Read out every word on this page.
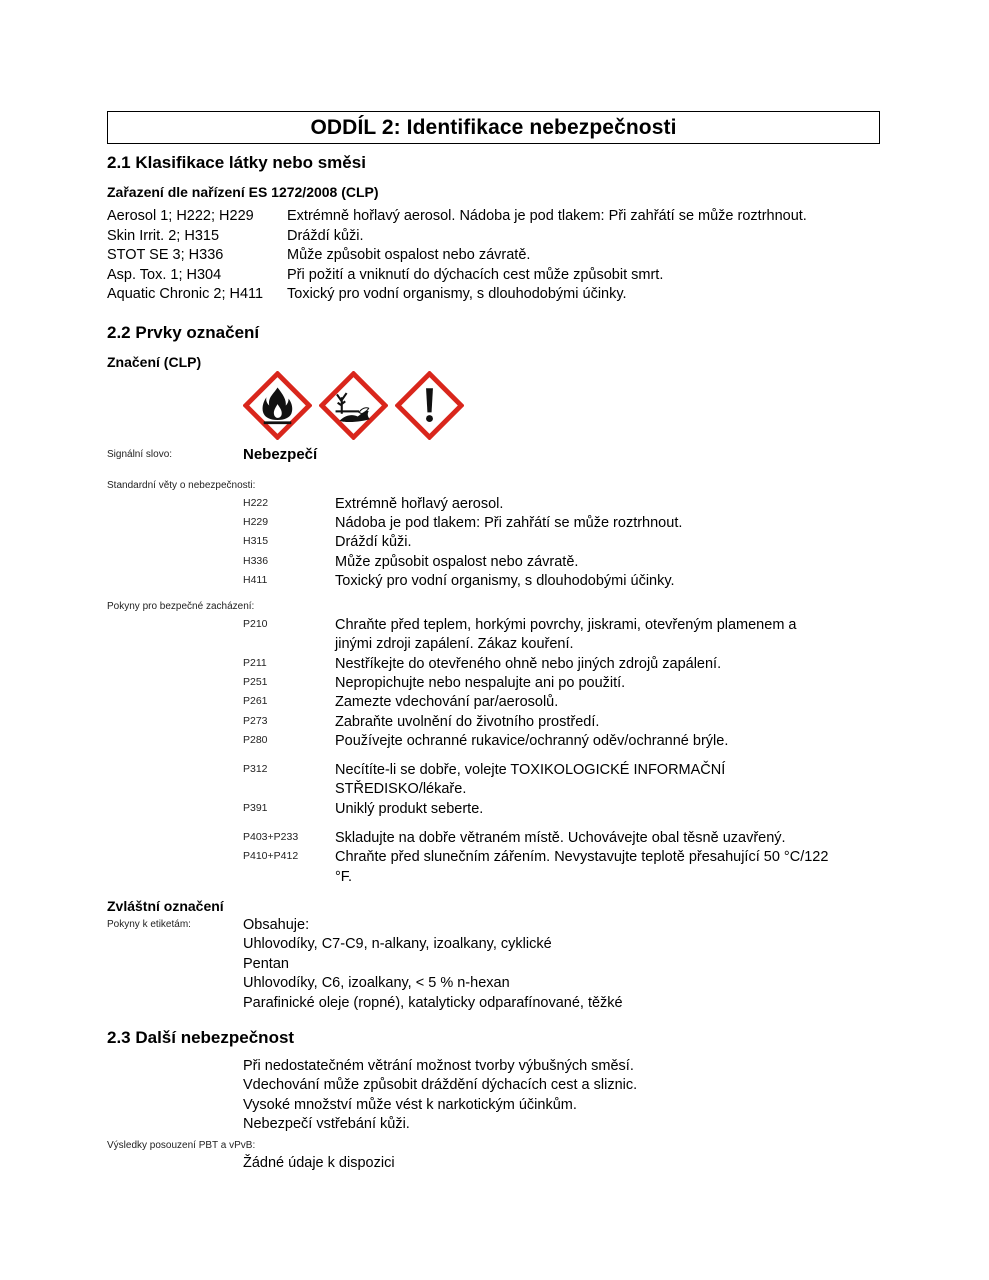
ODDÍL 2: Identifikace nebezpečnosti
2.1 Klasifikace látky nebo směsi
Zařazení dle nařízení ES 1272/2008 (CLP)
Aerosol 1; H222; H229 Extrémně hořlavý aerosol. Nádoba je pod tlakem: Při zahřátí se může roztrhnout.
Skin Irrit. 2; H315	Dráždí kůži.
STOT SE 3; H336	Může způsobit ospalost nebo závratě.
Asp. Tox. 1; H304	Při požití a vniknutí do dýchacích cest může způsobit smrt.
Aquatic Chronic 2; H411 Toxický pro vodní organismy, s dlouhodobými účinky.
2.2 Prvky označení
Značení (CLP)
Signální slovo:	Nebezpečí
Standardní věty o nebezpečnosti:
H222	Extrémně hořlavý aerosol.
H229	Nádoba je pod tlakem: Při zahřátí se může roztrhnout.
H315	Dráždí kůži.
H336	Může způsobit ospalost nebo závratě.
H411	Toxický pro vodní organismy, s dlouhodobými účinky.
Pokyny pro bezpečné zacházení:
P210	Chraňte před teplem, horkými povrchy, jiskrami, otevřeným plamenem a
jinými zdroji zapálení. Zákaz kouření.
P211	Nestříkejte do otevřeného ohně nebo jiných zdrojů zapálení.
P251	Nepropichujte nebo nespalujte ani po použití.
P261	Zamezte vdechování par/aerosolů.
P273	Zabraňte uvolnění do životního prostředí.
P280	Používejte ochranné rukavice/ochranný oděv/ochranné brýle.
P312	Necítíte-li se dobře, volejte TOXIKOLOGICKÉ INFORMAČNÍ
STŘEDISKO/lékaře.
P391	Uniklý produkt seberte.
P403+P233	Skladujte na dobře větraném místě. Uchovávejte obal těsně uzavřený.
P410+P412	Chraňte před slunečním zářením. Nevystavujte teplotě přesahující 50 °C/122
°F.
Zvláštní označení
Pokyny k etiketám:	Obsahuje:
Uhlovodíky, C7-C9, n-alkany, izoalkany, cyklické
Pentan
Uhlovodíky, C6, izoalkany, < 5 % n-hexan
Parafinické oleje (ropné), katalyticky odparafínované, těžké
2.3 Další nebezpečnost
Při nedostatečném větrání možnost tvorby výbušných směsí.
Vdechování může způsobit dráždění dýchacích cest a sliznic.
Vysoké množství může vést k narkotickým účinkům.
Nebezpečí vstřebání kůži.
Výsledky posouzení PBT a vPvB:
Žádné údaje k dispozici
